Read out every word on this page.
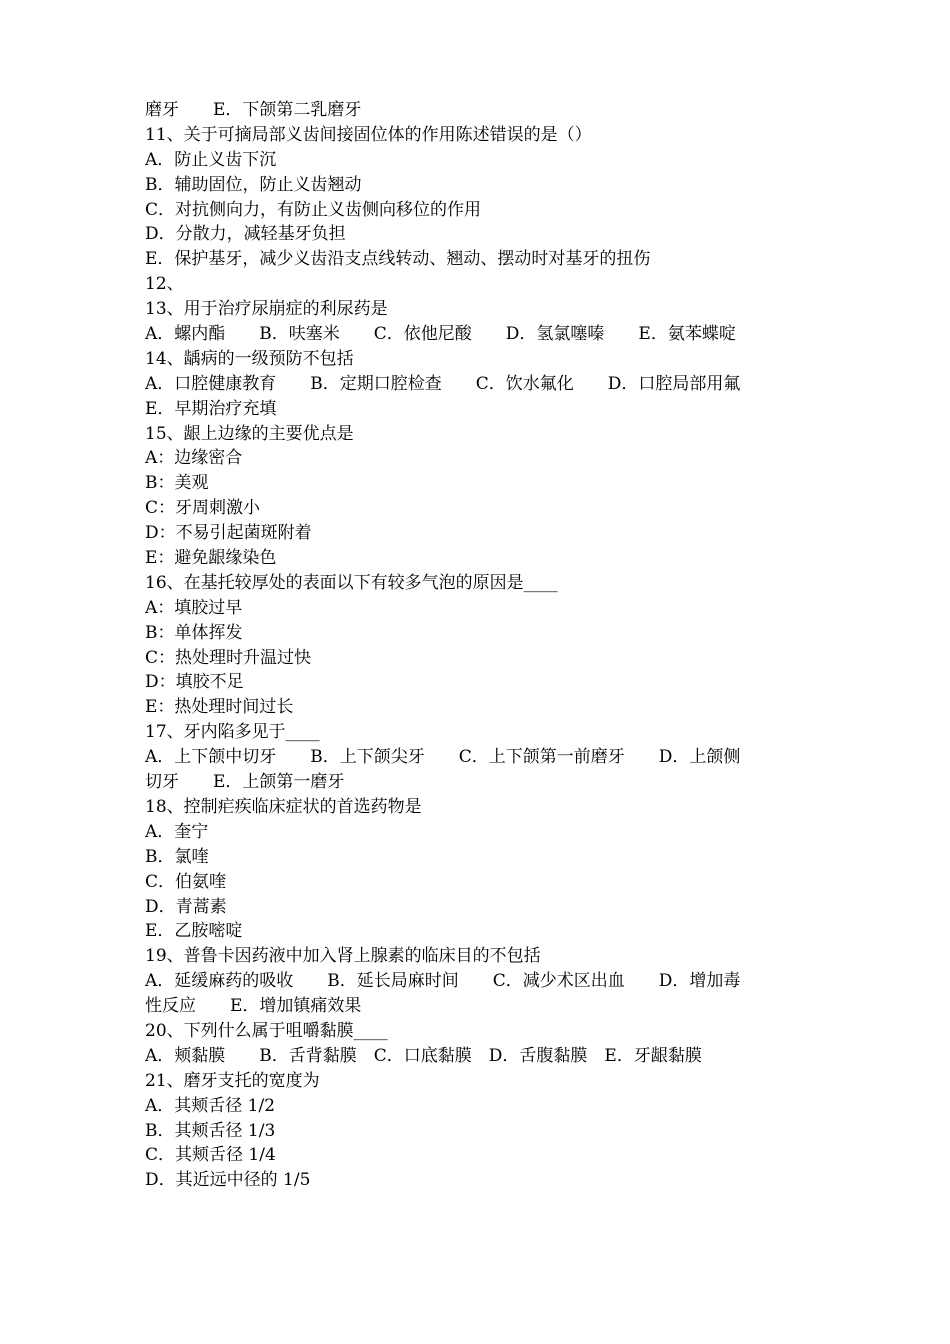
磨牙　　E．下颌第二乳磨牙
11、关于可摘局部义齿间接固位体的作用陈述错误的是（）
A．防止义齿下沉
B．辅助固位，防止义齿翘动
C．对抗侧向力，有防止义齿侧向移位的作用
D．分散力，减轻基牙负担
E．保护基牙，减少义齿沿支点线转动、翘动、摆动时对基牙的扭伤
12、
13、用于治疗尿崩症的利尿药是
A．螺内酯　　B．呋塞米　　C．依他尼酸　　D．氢氯噻嗪　　E．氨苯蝶啶
14、龋病的一级预防不包括
A．口腔健康教育　　B．定期口腔检查　　C．饮水氟化　　D．口腔局部用氟
E．早期治疗充填
15、龈上边缘的主要优点是
A：边缘密合
B：美观
C：牙周刺激小
D：不易引起菌斑附着
E：避免龈缘染色
16、在基托较厚处的表面以下有较多气泡的原因是____
A：填胶过早
B：单体挥发
C：热处理时升温过快
D：填胶不足
E：热处理时间过长
17、牙内陷多见于____
A．上下颌中切牙　　B．上下颌尖牙　　C．上下颌第一前磨牙　　D．上颌侧
切牙　　E．上颌第一磨牙
18、控制疟疾临床症状的首选药物是
A．奎宁
B．氯喹
C．伯氨喹
D．青蒿素
E．乙胺嘧啶
19、普鲁卡因药液中加入肾上腺素的临床目的不包括
A．延缓麻药的吸收　　B．延长局麻时间　　C．减少术区出血　　D．增加毒
性反应　　E．增加镇痛效果
20、下列什么属于咀嚼黏膜____
A．颊黏膜　　B．舌背黏膜　C．口底黏膜　D．舌腹黏膜　E．牙龈黏膜
21、磨牙支托的宽度为
A．其颊舌径 1/2
B．其颊舌径 1/3
C．其颊舌径 1/4
D．其近远中径的 1/5
